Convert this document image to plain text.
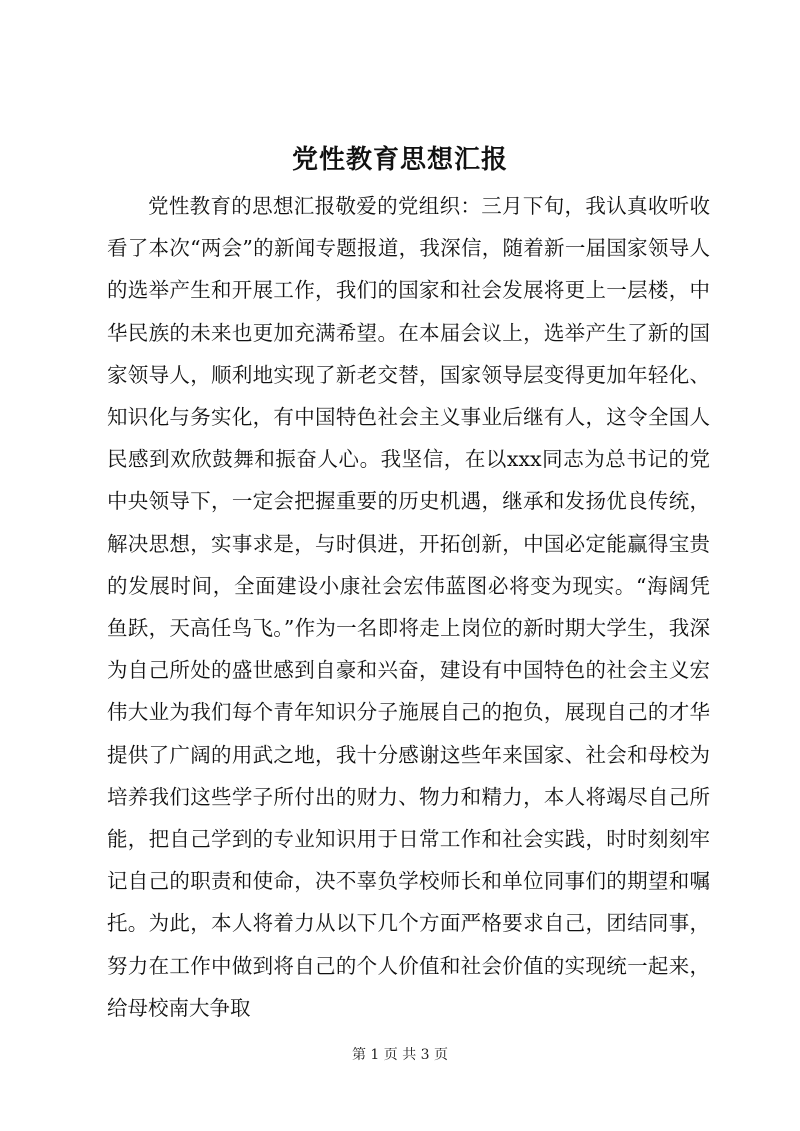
党性教育思想汇报

党性教育的思想汇报敬爱的党组织：三月下旬，我认真收听收看了本次“两会”的新闻专题报道，我深信，随着新一届国家领导人的选举产生和开展工作，我们的国家和社会发展将更上一层楼，中华民族的未来也更加充满希望。在本届会议上，选举产生了新的国家领导人，顺利地实现了新老交替，国家领导层变得更加年轻化、知识化与务实化，有中国特色社会主义事业后继有人，这令全国人民感到欢欣鼓舞和振奋人心。我坚信，在以xxx同志为总书记的党中央领导下，一定会把握重要的历史机遇，继承和发扬优良传统，解决思想，实事求是，与时俱进，开拓创新，中国必定能赢得宝贵的发展时间，全面建设小康社会宏伟蓝图必将变为现实。“海阔凭鱼跃，天高任鸟飞。”作为一名即将走上岗位的新时期大学生，我深为自己所处的盛世感到自豪和兴奋，建设有中国特色的社会主义宏伟大业为我们每个青年知识分子施展自己的抱负，展现自己的才华提供了广阔的用武之地，我十分感谢这些年来国家、社会和母校为培养我们这些学子所付出的财力、物力和精力，本人将竭尽自己所能，把自己学到的专业知识用于日常工作和社会实践，时时刻刻牢记自己的职责和使命，决不辜负学校师长和单位同事们的期望和嘱托。为此，本人将着力从以下几个方面严格要求自己，团结同事，努力在工作中做到将自己的个人价值和社会价值的实现统一起来，给母校南大争取

第 1 页 共 3 页
